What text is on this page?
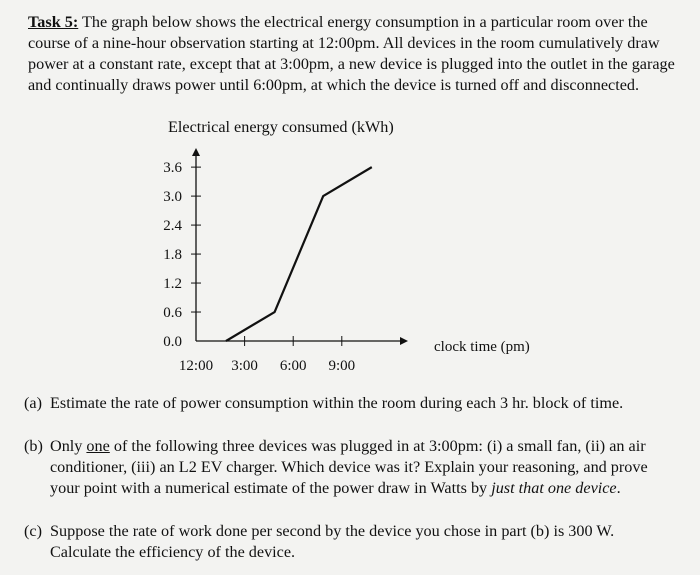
Task 5: The graph below shows the electrical energy consumption in a particular room over the course of a nine-hour observation starting at 12:00pm. All devices in the room cumulatively draw power at a constant rate, except that at 3:00pm, a new device is plugged into the outlet in the garage and continually draws power until 6:00pm, at which the device is turned off and disconnected.
Electrical energy consumed (kWh)
3.6
3.0
2.4
1.8
1.2
0.6
0.0
12:00 3:00 6:00 9:00
clock time (pm)
(a) Estimate the rate of power consumption within the room during each 3 hr. block of time.
(b) Only one of the following three devices was plugged in at 3:00pm: (i) a small fan, (ii) an air conditioner, (iii) an L2 EV charger. Which device was it? Explain your reasoning, and prove your point with a numerical estimate of the power draw in Watts by just that one device.
(c) Suppose the rate of work done per second by the device you chose in part (b) is 300 W. Calculate the efficiency of the device.
